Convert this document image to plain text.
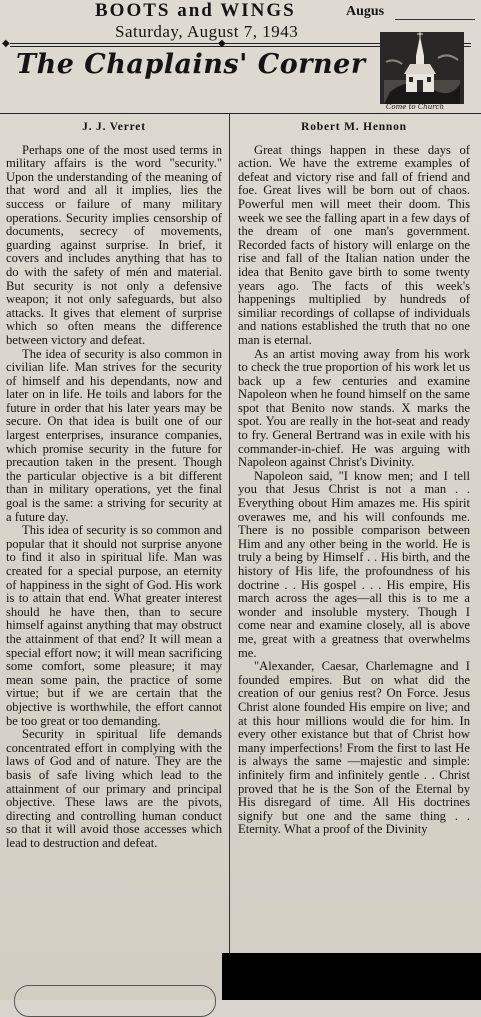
BOOTS and WINGS	Augus
Saturday, August 7, 1943
◆	◆
The Chaplains' Corner
Come to Church
J. J. Verret

Perhaps one of the most used terms in military affairs is the word "security." Upon the understanding of the meaning of that word and all it implies, lies the success or failure of many military operations. Security implies censorship of documents, secrecy of movements, guarding against surprise. In brief, it covers and includes anything that has to do with the safety of mén and material. But security is not only a defensive weapon; it not only safeguards, but also attacks. It gives that element of surprise which so often means the difference between victory and defeat.

The idea of security is also common in civilian life. Man strives for the security of himself and his dependants, now and later on in life. He toils and labors for the future in order that his later years may be secure. On that idea is built one of our largest enterprises, insurance companies, which promise security in the future for precaution taken in the present. Though the particular objective is a bit different than in military operations, yet the final goal is the same: a striving for security at a future day.

This idea of security is so common and popular that it should not surprise anyone to find it also in spiritual life. Man was created for a special purpose, an eternity of happiness in the sight of God. His work is to attain that end. What greater interest should he have then, than to secure himself against anything that may obstruct the attainment of that end? It will mean a special effort now; it will mean sacrificing some comfort, some pleasure; it may mean some pain, the practice of some virtue; but if we are certain that the objective is worthwhile, the effort cannot be too great or too demanding.

Security in spiritual life demands concentrated effort in complying with the laws of God and of nature. They are the basis of safe living which lead to the attainment of our primary and principal objective. These laws are the pivots, directing and controlling human conduct so that it will avoid those accesses which lead to destruction and defeat.

Robert M. Hennon

Great things happen in these days of action. We have the extreme examples of defeat and victory rise and fall of friend and foe. Great lives will be born out of chaos. Powerful men will meet their doom. This week we see the falling apart in a few days of the dream of one man's government. Recorded facts of history will enlarge on the rise and fall of the Italian nation under the idea that Benito gave birth to some twenty years ago. The facts of this week's happenings multiplied by hundreds of similiar recordings of collapse of individuals and nations established the truth that no one man is eternal.

As an artist moving away from his work to check the true proportion of his work let us back up a few centuries and examine Napoleon when he found himself on the same spot that Benito now stands. X marks the spot. You are really in the hot-seat and ready to fry. General Bertrand was in exile with his commander-in-chief. He was arguing with Napoleon against Christ's Divinity.

Napoleon said, "I know men; and I tell you that Jesus Christ is not a man . . Everything obout Him amazes me. His spirit overawes me, and his will confounds me. There is no possible comparison between Him and any other being in the world. He is truly a being by Himself . . His birth, and the history of His life, the profoundness of his doctrine . . His gospel . . . His empire, His march across the ages—all this is to me a wonder and insoluble mystery. Though I come near and examine closely, all is above me, great with a greatness that overwhelms me.

"Alexander, Caesar, Charlemagne and I founded empires. But on what did the creation of our genius rest? On Force. Jesus Christ alone founded His empire on live; and at this hour millions would die for him. In every other existance but that of Christ how many imperfections! From the first to last He is always the same —majestic and simple: infinitely firm and infinitely gentle . . Christ proved that he is the Son of the Eternal by His disregard of time. All His doctrines signify but one and the same thing . . Eternity. What a proof of the Divinity
